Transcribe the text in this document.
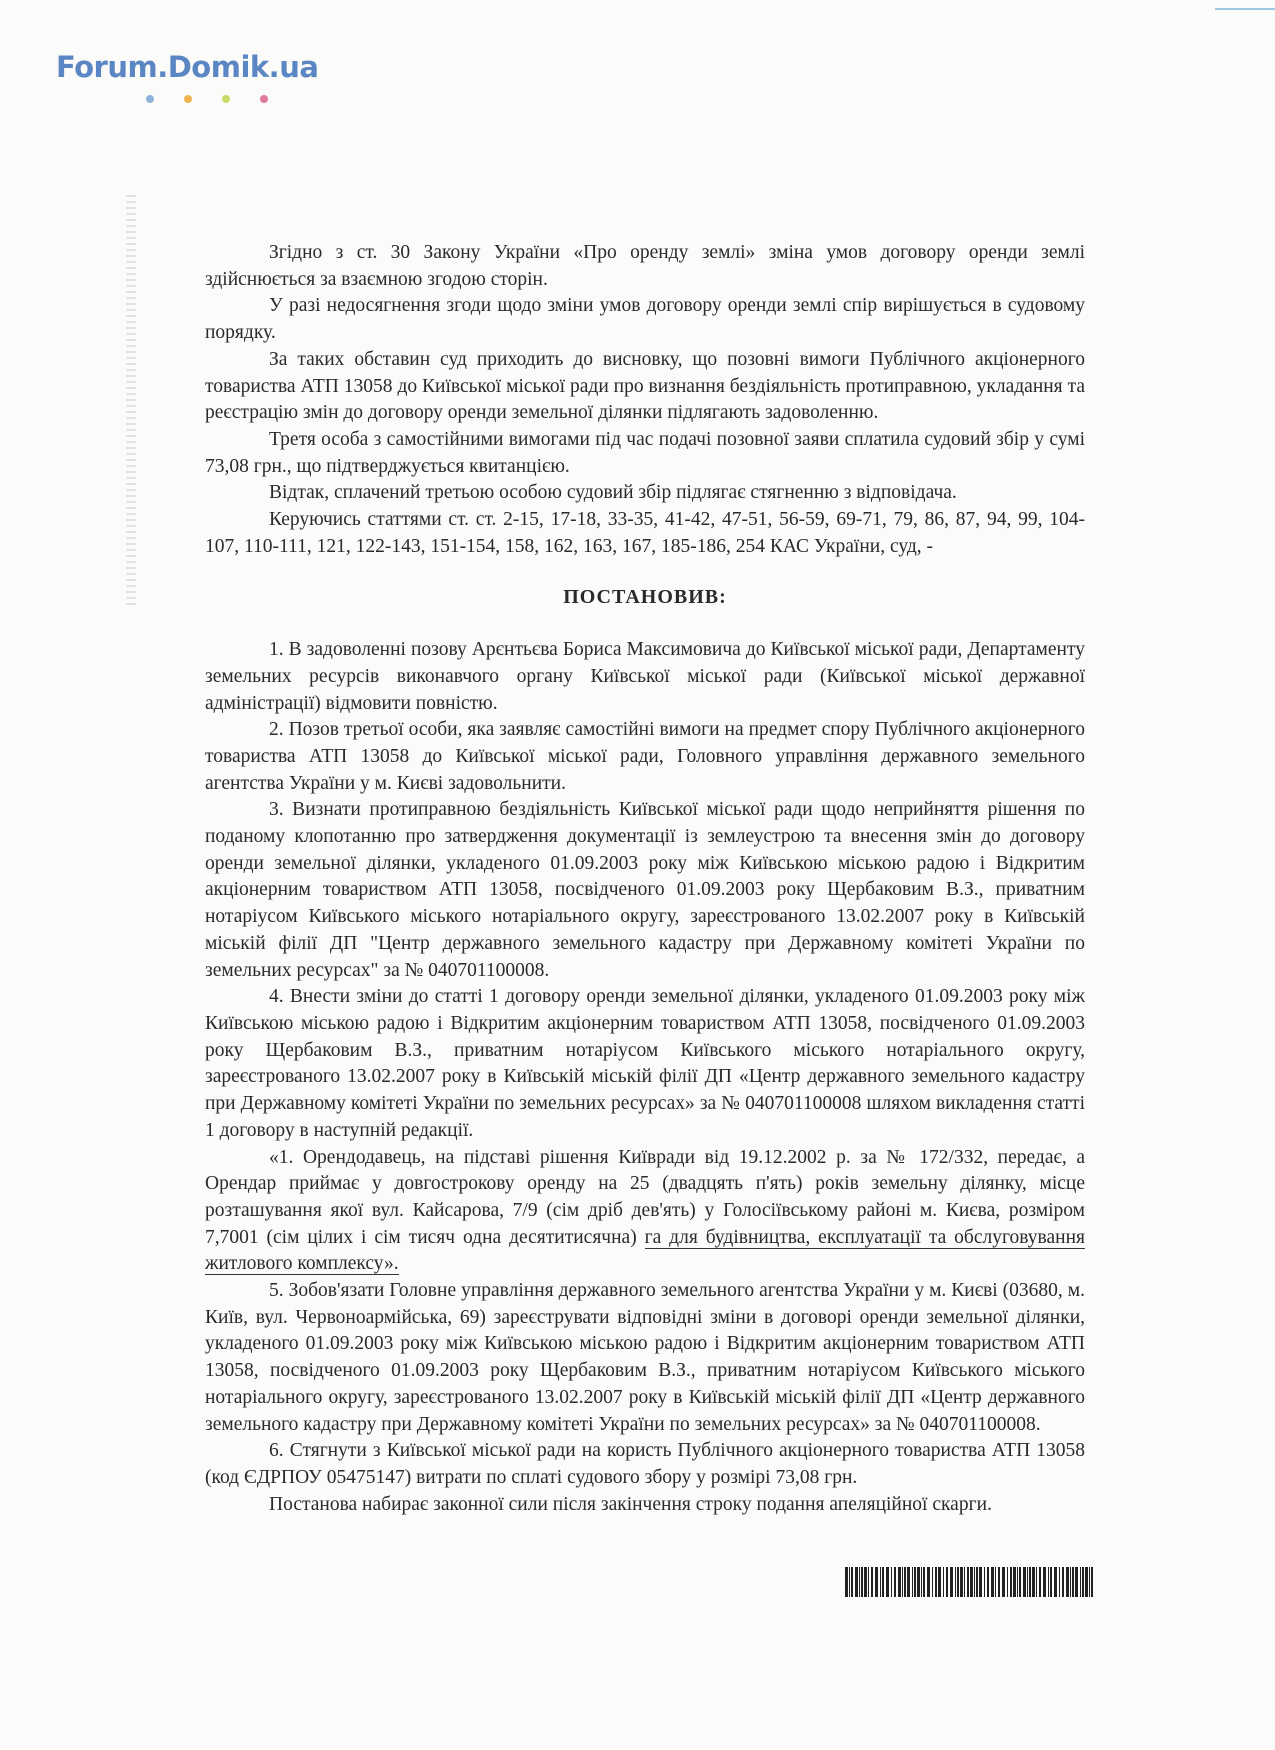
Forum.Domik.ua

Згідно з ст. 30 Закону України «Про оренду землі» зміна умов договору оренди землі здійснюється за взаємною згодою сторін.

У разі недосягнення згоди щодо зміни умов договору оренди землі спір вирішується в судовому порядку.

За таких обставин суд приходить до висновку, що позовні вимоги Публічного акціонерного товариства АТП 13058 до Київської міської ради про визнання бездіяльність протиправною, укладання та реєстрацію змін до договору оренди земельної ділянки підлягають задоволенню.

Третя особа з самостійними вимогами під час подачі позовної заяви сплатила судовий збір у сумі 73,08 грн., що підтверджується квитанцією.

Відтак, сплачений третьою особою судовий збір підлягає стягненню з відповідача.

Керуючись статтями ст. ст. 2-15, 17-18, 33-35, 41-42, 47-51, 56-59, 69-71, 79, 86, 87, 94, 99, 104-107, 110-111, 121, 122-143, 151-154, 158, 162, 163, 167, 185-186, 254 КАС України, суд, -

ПОСТАНОВИВ:

1. В задоволенні позову Арєнтьєва Бориса Максимовича до Київської міської ради, Департаменту земельних ресурсів виконавчого органу Київської міської ради (Київської міської державної адміністрації) відмовити повністю.

2. Позов третьої особи, яка заявляє самостійні вимоги на предмет спору Публічного акціонерного товариства АТП 13058 до Київської міської ради, Головного управління державного земельного агентства України у м. Києві задовольнити.

3. Визнати протиправною бездіяльність Київської міської ради щодо неприйняття рішення по поданому клопотанню про затвердження документації із землеустрою та внесення змін до договору оренди земельної ділянки, укладеного 01.09.2003 року між Київською міською радою і Відкритим акціонерним товариством АТП 13058, посвідченого 01.09.2003 року Щербаковим В.З., приватним нотаріусом Київського міського нотаріального округу, зареєстрованого 13.02.2007 року в Київській міській філії ДП "Центр державного земельного кадастру при Державному комітеті України по земельних ресурсах" за № 040701100008.

4. Внести зміни до статті 1 договору оренди земельної ділянки, укладеного 01.09.2003 року між Київською міською радою і Відкритим акціонерним товариством АТП 13058, посвідченого 01.09.2003 року Щербаковим В.З., приватним нотаріусом Київського міського нотаріального округу, зареєстрованого 13.02.2007 року в Київській міській філії ДП «Центр державного земельного кадастру при Державному комітеті України по земельних ресурсах» за № 040701100008 шляхом викладення статті 1 договору в наступній редакції.

«1. Орендодавець, на підставі рішення Київради від 19.12.2002 р. за № 172/332, передає, а Орендар приймає у довгострокову оренду на 25 (двадцять п'ять) років земельну ділянку, місце розташування якої вул. Кайсарова, 7/9 (сім дріб дев'ять) у Голосіївському районі м. Києва, розміром 7,7001 (сім цілих і сім тисяч одна десятитисячна) га для будівництва, експлуатації та обслуговування житлового комплексу».

5. Зобов'язати Головне управління державного земельного агентства України у м. Києві (03680, м. Київ, вул. Червоноармійська, 69) зареєструвати відповідні зміни в договорі оренди земельної ділянки, укладеного 01.09.2003 року між Київською міською радою і Відкритим акціонерним товариством АТП 13058, посвідченого 01.09.2003 року Щербаковим В.З., приватним нотаріусом Київського міського нотаріального округу, зареєстрованого 13.02.2007 року в Київській міській філії ДП «Центр державного земельного кадастру при Державному комітеті України по земельних ресурсах» за № 040701100008.

6. Стягнути з Київської міської ради на користь Публічного акціонерного товариства АТП 13058 (код ЄДРПОУ 05475147) витрати по сплаті судового збору у розмірі 73,08 грн.

Постанова набирає законної сили після закінчення строку подання апеляційної скарги.
